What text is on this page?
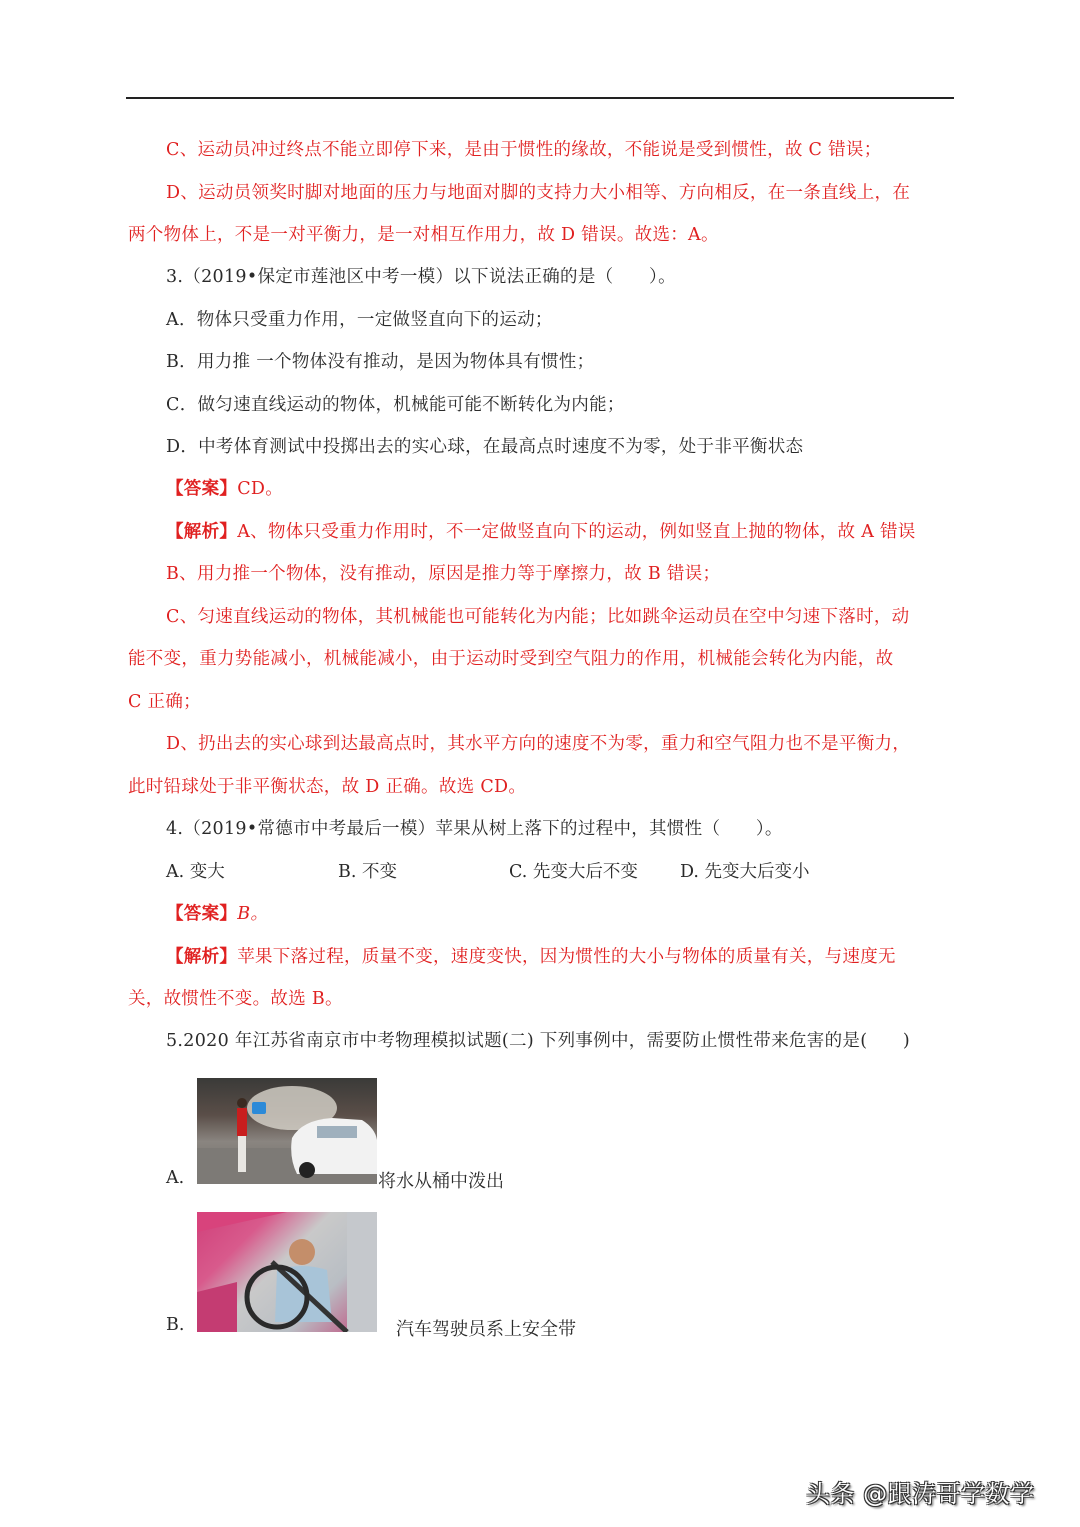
C、运动员冲过终点不能立即停下来，是由于惯性的缘故，不能说是受到惯性，故 C 错误；
D、运动员领奖时脚对地面的压力与地面对脚的支持力大小相等、方向相反，在一条直线上，在
两个物体上，不是一对平衡力，是一对相互作用力，故 D 错误。故选：A。
3.（2019•保定市莲池区中考一模）以下说法正确的是（　　）。
A．物体只受重力作用，一定做竖直向下的运动；
B．用力推 一个物体没有推动，是因为物体具有惯性；
C．做匀速直线运动的物体，机械能可能不断转化为内能；
D．中考体育测试中投掷出去的实心球，在最高点时速度不为零，处于非平衡状态
【答案】CD。
【解析】A、物体只受重力作用时，不一定做竖直向下的运动，例如竖直上抛的物体，故 A 错误
B、用力推一个物体，没有推动，原因是推力等于摩擦力，故 B 错误；
C、匀速直线运动的物体，其机械能也可能转化为内能；比如跳伞运动员在空中匀速下落时，动
能不变，重力势能减小，机械能减小，由于运动时受到空气阻力的作用，机械能会转化为内能，故
C 正确；
D、扔出去的实心球到达最高点时，其水平方向的速度不为零，重力和空气阻力也不是平衡力，
此时铅球处于非平衡状态，故 D 正确。故选 CD。
4.（2019•常德市中考最后一模）苹果从树上落下的过程中，其惯性（　　）。
A. 变大	B. 不变	C. 先变大后不变 D. 先变大后变小
【答案】B。
【解析】苹果下落过程，质量不变，速度变快，因为惯性的大小与物体的质量有关，与速度无
关，故惯性不变。故选 B。
5.2020 年江苏省南京市中考物理模拟试题(二) 下列事例中，需要防止惯性带来危害的是(　　)
A.	将水从桶中泼出
B.	汽车驾驶员系上安全带
头条 @跟涛哥学数学
